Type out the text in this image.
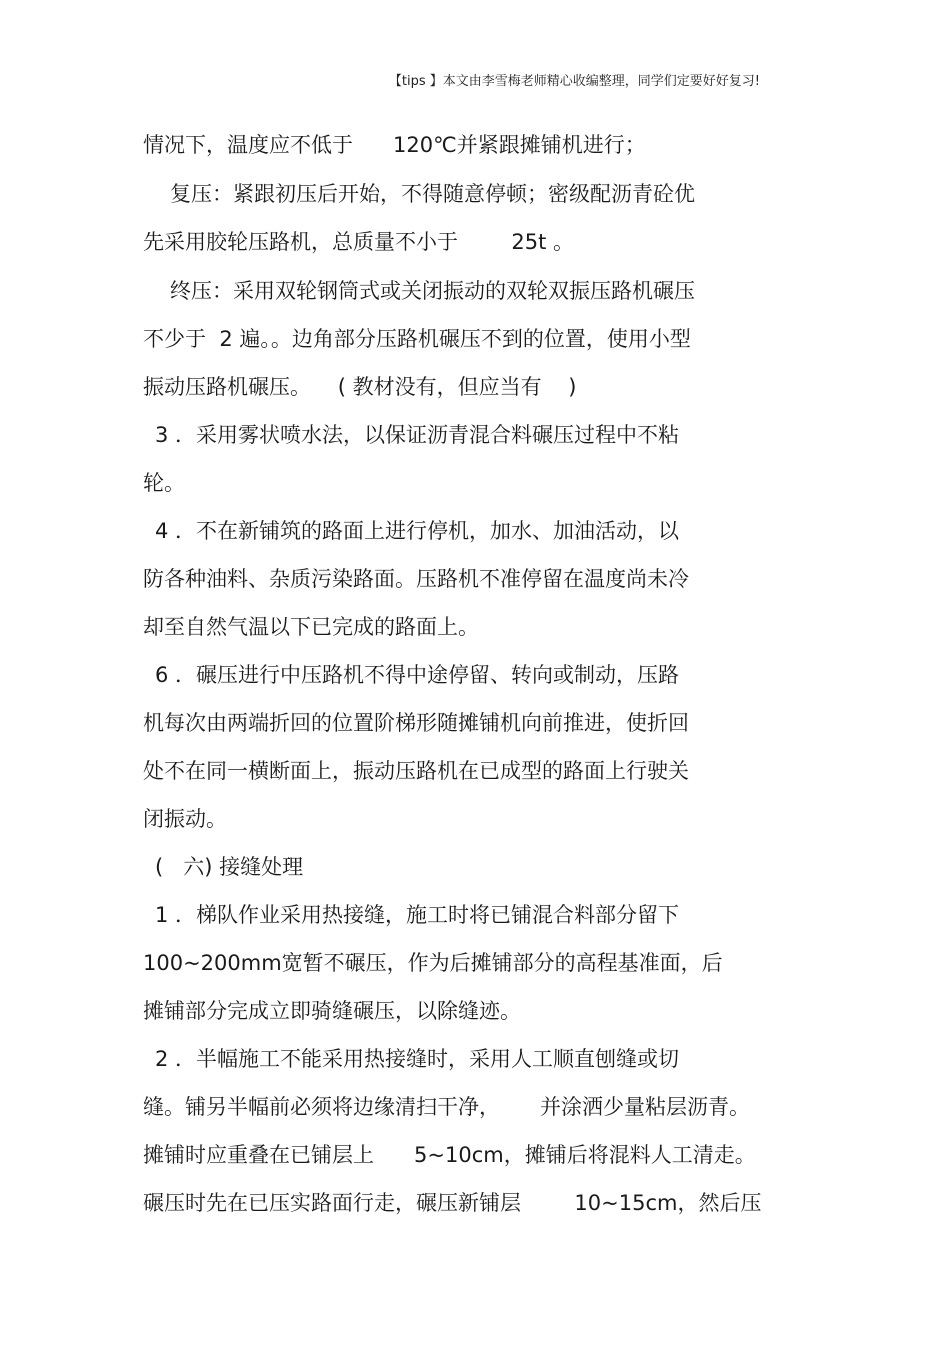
【tips 】本文由李雪梅老师精心收编整理，同学们定要好好复习!
情况下，温度应不低于      120℃并紧跟摊铺机进行；
复压：紧跟初压后开始，不得随意停顿；密级配沥青砼优
先采用胶轮压路机，总质量不小于        25t 。
终压：采用双轮钢筒式或关闭振动的双轮双振压路机碾压
不少于  2 遍。。边角部分压路机碾压不到的位置，使用小型
振动压路机碾压。    ( 教材没有，但应当有    )
3 ．采用雾状喷水法，以保证沥青混合料碾压过程中不粘
轮。
4 ．不在新铺筑的路面上进行停机，加水、加油活动，以
防各种油料、杂质污染路面。压路机不准停留在温度尚未冷
却至自然气温以下已完成的路面上。
6 ．碾压进行中压路机不得中途停留、转向或制动，压路
机每次由两端折回的位置阶梯形随摊铺机向前推进，使折回
处不在同一横断面上，振动压路机在已成型的路面上行驶关
闭振动。
(   六) 接缝处理
1 ．梯队作业采用热接缝，施工时将已铺混合料部分留下
100~200mm宽暂不碾压，作为后摊铺部分的高程基准面，后
摊铺部分完成立即骑缝碾压，以除缝迹。
2 ．半幅施工不能采用热接缝时，采用人工顺直刨缝或切
缝。铺另半幅前必须将边缘清扫干净，      并涂洒少量粘层沥青。
摊铺时应重叠在已铺层上      5~10cm，摊铺后将混料人工清走。
碾压时先在已压实路面行走，碾压新铺层        10~15cm，然后压
